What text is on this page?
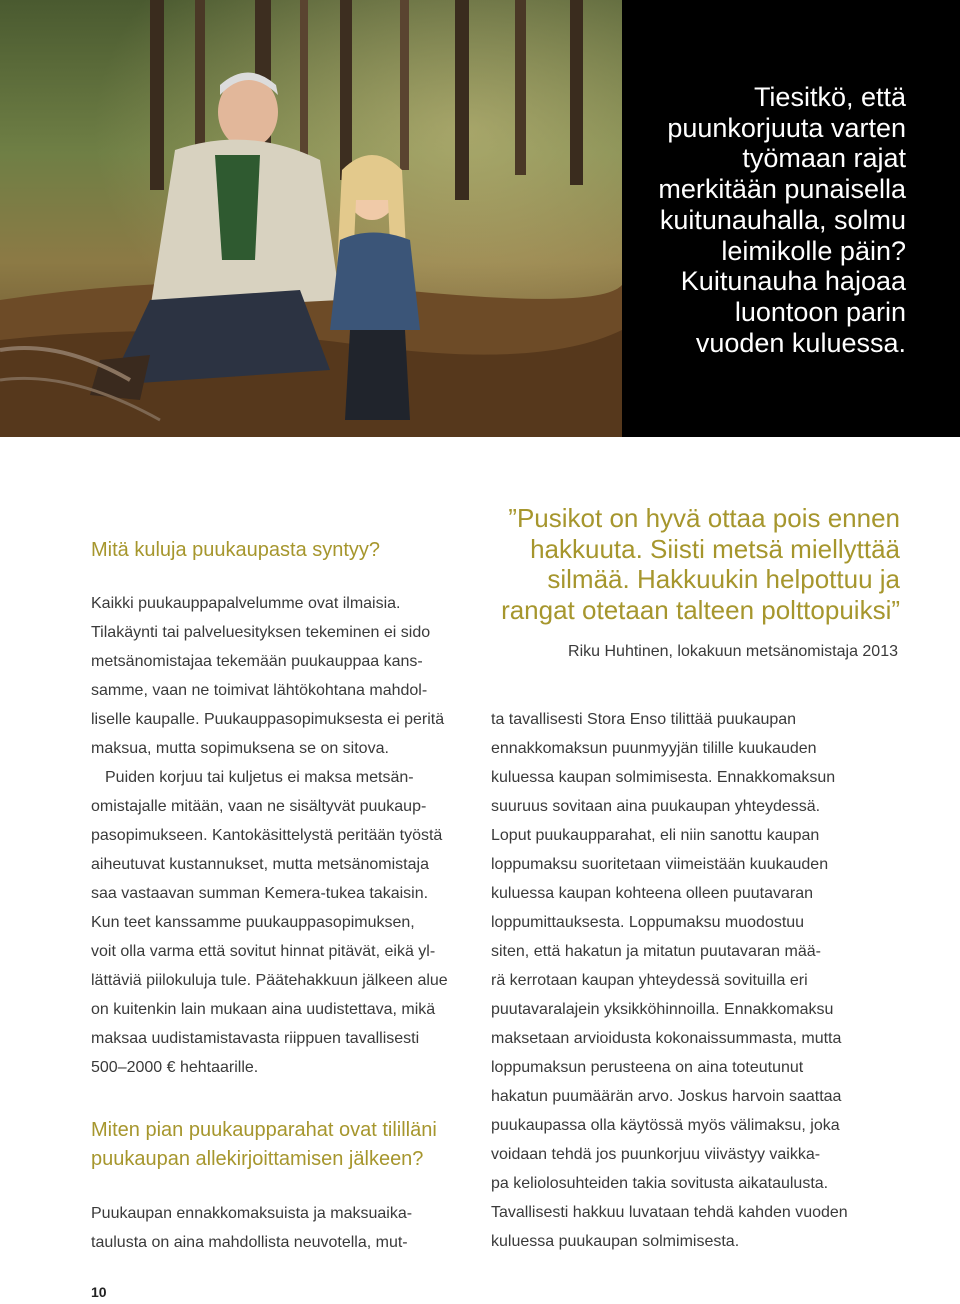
Tiesitkö, että
puunkorjuuta varten
työmaan rajat
merkitään punaisella
kuitunauhalla, solmu
leimikolle päin?
Kuitunauha hajoaa
luontoon parin
vuoden kuluessa.
Mitä kuluja puukaupasta syntyy?

Kaikki puukauppapalvelumme ovat ilmaisia.
Tilakäynti tai palveluesityksen tekeminen ei sido
metsänomistajaa tekemään puukauppaa kans-
samme, vaan ne toimivat lähtökohtana mahdol-
liselle kaupalle. Puukauppasopimuksesta ei peritä
maksua, mutta sopimuksena se on sitova.

Puiden korjuu tai kuljetus ei maksa metsän-
omistajalle mitään, vaan ne sisältyvät puukaup-
pasopimukseen. Kantokäsittelystä peritään työstä
aiheutuvat kustannukset, mutta metsänomistaja
saa vastaavan summan Kemera-tukea takaisin.
Kun teet kanssamme puukauppasopimuksen,
voit olla varma että sovitut hinnat pitävät, eikä yl-
lättäviä piilokuluja tule. Päätehakkuun jälkeen alue
on kuitenkin lain mukaan aina uudistettava, mikä
maksaa uudistamistavasta riippuen tavallisesti
500–2000 € hehtaarille.

Miten pian puukaupparahat ovat tililläni
puukaupan allekirjoittamisen jälkeen?

Puukaupan ennakkomaksuista ja maksuaika-
taulusta on aina mahdollista neuvotella, mut-

”Pusikot on hyvä ottaa pois ennen
hakkuuta. Siisti metsä miellyttää
silmää. Hakkuukin helpottuu ja
rangat otetaan talteen polttopuiksi”

Riku Huhtinen, lokakuun metsänomistaja 2013

ta tavallisesti Stora Enso tilittää puukaupan
ennakkomaksun puunmyyjän tilille kuukauden
kuluessa kaupan solmimisesta. Ennakkomaksun
suuruus sovitaan aina puukaupan yhteydessä.
Loput puukaupparahat, eli niin sanottu kaupan
loppumaksu suoritetaan viimeistään kuukauden
kuluessa kaupan kohteena olleen puutavaran
loppumittauksesta. Loppumaksu muodostuu
siten, että hakatun ja mitatun puutavaran mää-
rä kerrotaan kaupan yhteydessä sovituilla eri
puutavaralajein yksikköhinnoilla. Ennakkomaksu
maksetaan arvioidusta kokonaissummasta, mutta
loppumaksun perusteena on aina toteutunut
hakatun puumäärän arvo. Joskus harvoin saattaa
puukaupassa olla käytössä myös välimaksu, joka
voidaan tehdä jos puunkorjuu viivästyy vaikka-
pa keliolosuhteiden takia sovitusta aikataulusta.
Tavallisesti hakkuu luvataan tehdä kahden vuoden
kuluessa puukaupan solmimisesta.

10
